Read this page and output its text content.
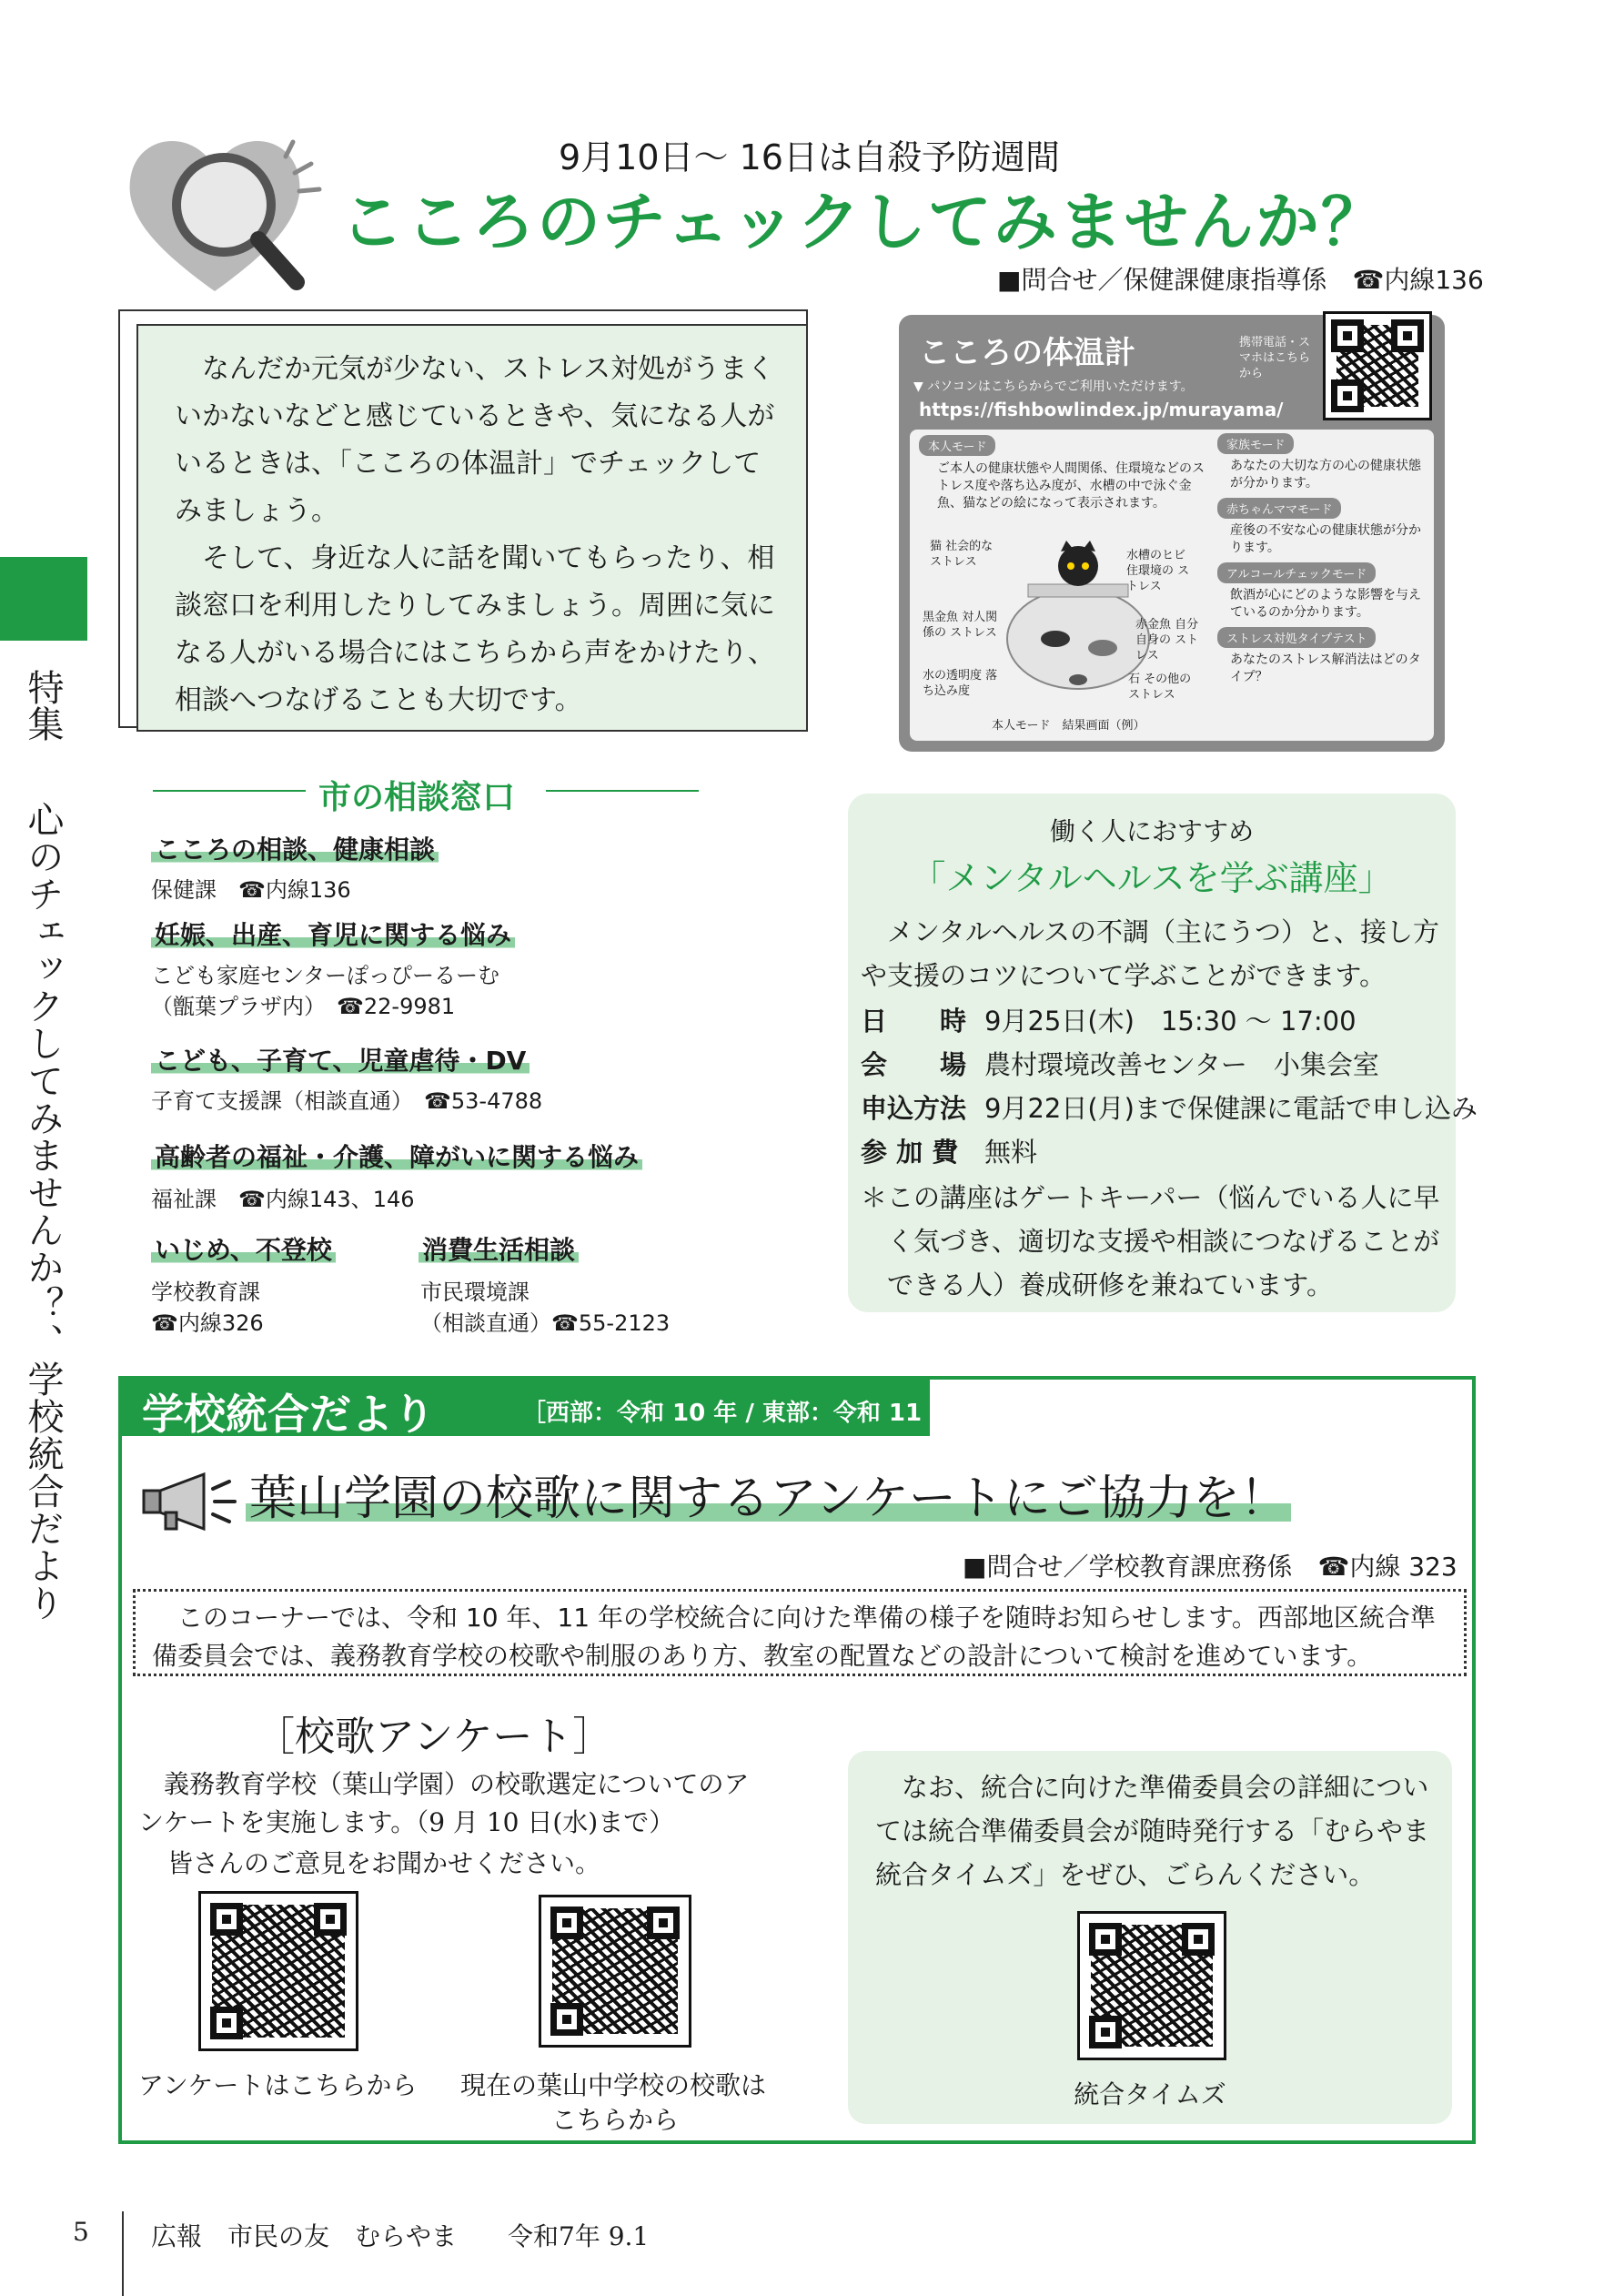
特集
心のチェックしてみませんか？、学校統合だより
9月10日〜 16日は自殺予防週間
こころのチェックしてみませんか？
■問合せ／保健課健康指導係　☎内線136

なんだか元気が少ない、ストレス対処がうまくいかないなどと感じているときや、気になる人がいるときは、「こころの体温計」でチェックしてみましょう。

そして、身近な人に話を聞いてもらったり、相談窓口を利用したりしてみましょう。周囲に気になる人がいる場合にはこちらから声をかけたり、相談へつなげることも大切です。

こころの体温計	携帯電話・スマホはこちらから
▼ パソコンはこちらからでご利用いただけます。
https://fishbowlindex.jp/murayama/
本人モード
ご本人の健康状態や人間関係、住環境などのストレス度や落ち込み度が、水槽の中で泳ぐ金魚、猫などの絵になって表示されます。
猫 社会的な ストレス	水槽のヒビ 住環境の ストレス
黒金魚 対人関係の ストレス
赤金魚 自分自身の ストレス
水の透明度 落ち込み度
石 その他の ストレス
本人モード　結果画面（例）
家族モード
あなたの大切な方の心の健康状態が分かります。
赤ちゃんママモード
産後の不安な心の健康状態が分かります。
アルコールチェックモード
飲酒が心にどのような影響を与えているのか分かります。
ストレス対処タイプテスト
あなたのストレス解消法はどのタイプ？
市の相談窓口
こころの相談、健康相談
保健課　☎内線136
妊娠、出産、育児に関する悩み
こども家庭センターぽっぴーるーむ
（甑葉プラザ内）　☎22-9981
こども、子育て、児童虐待・DV
子育て支援課（相談直通）　☎53-4788
高齢者の福祉・介護、障がいに関する悩み
福祉課　☎内線143、146
いじめ、不登校
学校教育課
☎内線326
消費生活相談
市民環境課
（相談直通）☎55-2123
働く人におすすめ
「メンタルヘルスを学ぶ講座」
メンタルヘルスの不調（主にうつ）と、接し方や支援のコツについて学ぶことができます。
日　　時 9月25日(木)　15:30 〜 17:00
会　　場 農村環境改善センター　小集会室
申込方法 9月22日(月)まで保健課に電話で申し込み
参 加 費 無料
＊この講座はゲートキーパー（悩んでいる人に早く気づき、適切な支援や相談につなげることができる人）養成研修を兼ねています。
学校統合だより	［西部：令和 10 年 / 東部：令和 11 年］
葉山学園の校歌に関するアンケートにご協力を！
■問合せ／学校教育課庶務係　☎内線 323

このコーナーでは、令和 10 年、11 年の学校統合に向けた準備の様子を随時お知らせします。西部地区統合準備委員会では、義務教育学校の校歌や制服のあり方、教室の配置などの設計について検討を進めています。

［校歌アンケート］
義務教育学校（葉山学園）の校歌選定についてのアンケートを実施します。（9 月 10 日(水)まで）
皆さんのご意見をお聞かせください。
アンケートはこちらから 現在の葉山中学校の校歌は
こちらから
なお、統合に向けた準備委員会の詳細については統合準備委員会が随時発行する「むらやま統合タイムズ」をぜひ、ごらんください。
統合タイムズ
5 広報　市民の友　むらやま　　令和7年 9.1
